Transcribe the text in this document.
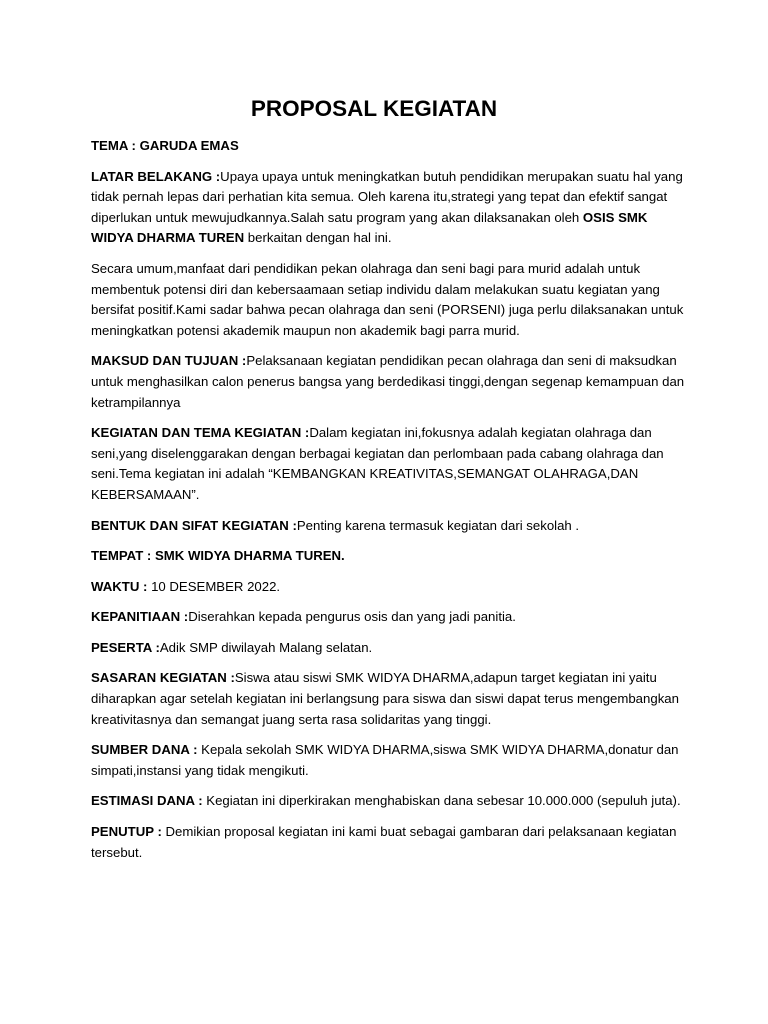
PROPOSAL KEGIATAN

TEMA : GARUDA EMAS

LATAR BELAKANG :Upaya upaya untuk meningkatkan butuh pendidikan merupakan suatu hal yang tidak pernah lepas dari perhatian kita semua. Oleh karena itu,strategi yang tepat dan efektif sangat diperlukan untuk mewujudkannya.Salah satu program yang akan dilaksanakan oleh OSIS SMK WIDYA DHARMA TUREN berkaitan dengan hal ini.

Secara umum,manfaat dari pendidikan pekan olahraga dan seni bagi para murid adalah untuk membentuk potensi diri dan kebersaamaan setiap individu dalam melakukan suatu kegiatan yang bersifat positif.Kami sadar bahwa pecan olahraga dan seni (PORSENI) juga perlu dilaksanakan untuk meningkatkan potensi akademik maupun non akademik bagi parra murid.

MAKSUD DAN TUJUAN :Pelaksanaan kegiatan pendidikan pecan olahraga dan seni di maksudkan untuk menghasilkan calon penerus bangsa yang berdedikasi tinggi,dengan segenap kemampuan dan ketrampilannya

KEGIATAN DAN TEMA KEGIATAN :Dalam kegiatan ini,fokusnya adalah kegiatan olahraga dan seni,yang diselenggarakan dengan berbagai kegiatan dan perlombaan pada cabang olahraga dan seni.Tema kegiatan ini adalah “KEMBANGKAN KREATIVITAS,SEMANGAT OLAHRAGA,DAN KEBERSAMAAN”.

BENTUK DAN SIFAT KEGIATAN :Penting karena termasuk kegiatan dari sekolah .

TEMPAT : SMK WIDYA DHARMA TUREN.

WAKTU : 10 DESEMBER 2022.

KEPANITIAAN :Diserahkan kepada pengurus osis dan yang jadi panitia.

PESERTA :Adik SMP diwilayah Malang selatan.

SASARAN KEGIATAN :Siswa atau siswi SMK WIDYA DHARMA,adapun target kegiatan ini yaitu diharapkan agar setelah kegiatan ini berlangsung para siswa dan siswi dapat terus mengembangkan kreativitasnya dan semangat juang serta rasa solidaritas yang tinggi.

SUMBER DANA : Kepala sekolah SMK WIDYA DHARMA,siswa SMK WIDYA DHARMA,donatur dan simpati,instansi yang tidak mengikuti.

ESTIMASI DANA : Kegiatan ini diperkirakan menghabiskan dana sebesar 10.000.000 (sepuluh juta).

PENUTUP : Demikian proposal kegiatan ini kami buat sebagai gambaran dari pelaksanaan kegiatan tersebut.
